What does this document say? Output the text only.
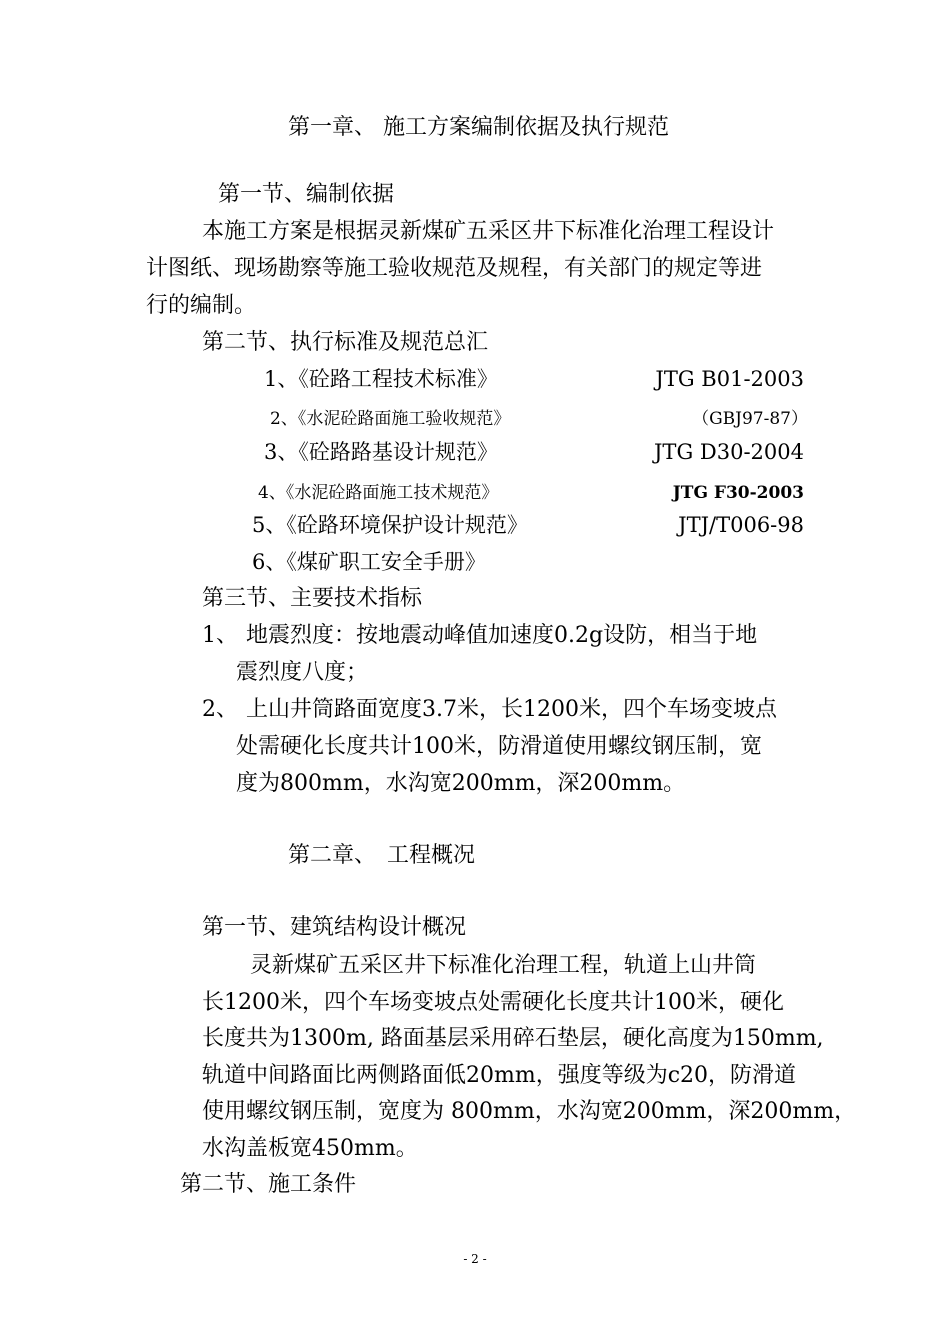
第一章、 施工方案编制依据及执行规范
第一节、编制依据
本施工方案是根据灵新煤矿五采区井下标准化治理工程设计
计图纸、现场勘察等施工验收规范及规程，有关部门的规定等进
行的编制。
第二节、执行标准及规范总汇
1、《砼路工程技术标准》	JTG B01-2003
2、《水泥砼路面施工验收规范》	（GBJ97-87）
3、《砼路路基设计规范》	JTG D30-2004
4、《水泥砼路面施工技术规范》	JTG F30-2003
5、《砼路环境保护设计规范》	JTJ/T006-98
6、《煤矿职工安全手册》
第三节、主要技术指标
1、 地震烈度：按地震动峰值加速度0.2g设防，相当于地
震烈度八度；
2、 上山井筒路面宽度3.7米，长1200米，四个车场变坡点
处需硬化长度共计100米，防滑道使用螺纹钢压制，宽
度为800mm，水沟宽200mm，深200mm。
第二章、　工程概况
第一节、建筑结构设计概况
灵新煤矿五采区井下标准化治理工程，轨道上山井筒
长1200米，四个车场变坡点处需硬化长度共计100米，硬化
长度共为1300m, 路面基层采用碎石垫层，硬化高度为150mm,
轨道中间路面比两侧路面低20mm，强度等级为c20，防滑道
使用螺纹钢压制，宽度为 800mm，水沟宽200mm，深200mm，
水沟盖板宽450mm。
第二节、施工条件
- 2 -
